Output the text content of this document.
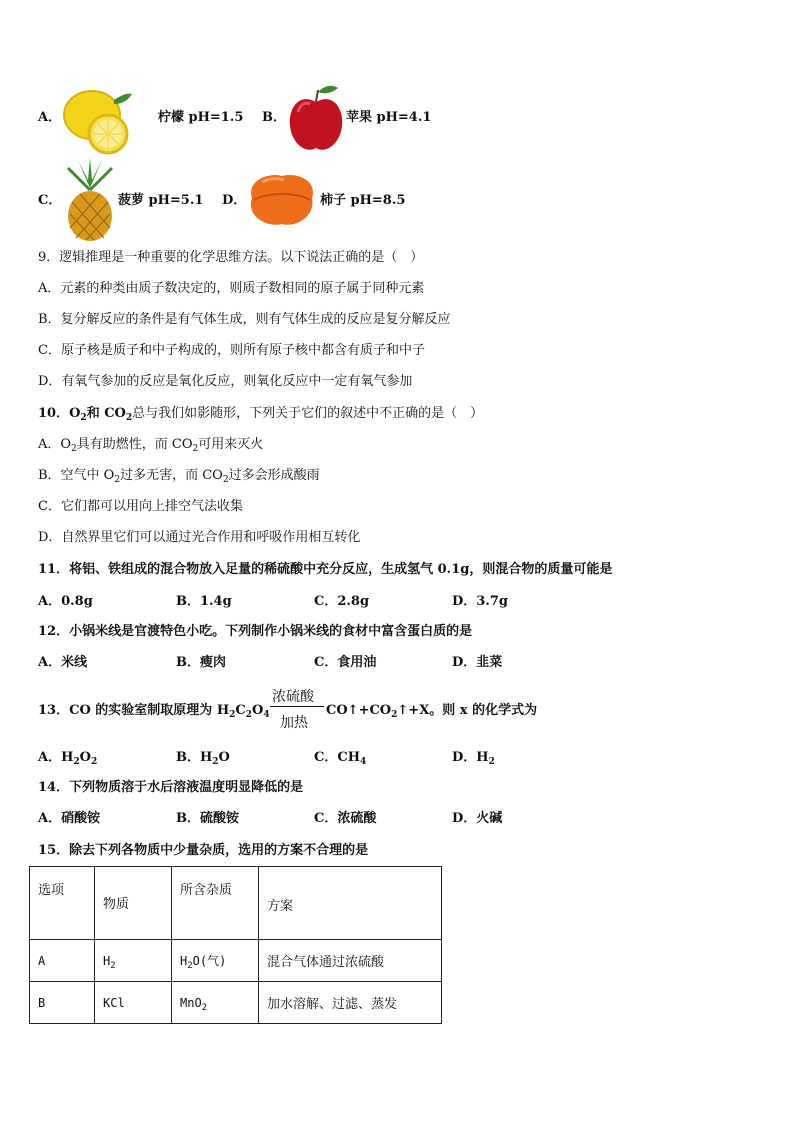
A．	柠檬 pH=1.5 B．	苹果 pH=4.1
C．	菠萝 pH=5.1 D．	柿子 pH=8.5
9．逻辑推理是一种重要的化学思维方法。以下说法正确的是（　）
A．元素的种类由质子数决定的，则质子数相同的原子属于同种元素
B．复分解反应的条件是有气体生成，则有气体生成的反应是复分解反应
C．原子核是质子和中子构成的，则所有原子核中都含有质子和中子
D．有氧气参加的反应是氧化反应，则氧化反应中一定有氧气参加
10．$O_2$和 $CO_2$总与我们如影随形，下列关于它们的叙述中不正确的是（　）
A．$O_2$具有助燃性，而 $CO_2$可用来灭火
B．空气中 $O_2$过多无害，而 $CO_2$过多会形成酸雨
C．它们都可以用向上排空气法收集
D．自然界里它们可以通过光合作用和呼吸作用相互转化
11．将铝、铁组成的混合物放入足量的稀硫酸中充分反应，生成氢气 0.1g，则混合物的质量可能是
A．0.8g	B．1.4g	C．2.8g	D．3.7g
12．小锅米线是官渡特色小吃。下列制作小锅米线的食材中富含蛋白质的是
A．米线	B．瘦肉	C．食用油	D．韭菜
13．CO 的实验室制取原理为 $H_2C_2O_4$
浓硫酸
加热
$CO↑+CO_2↑+X$。则 x 的化学式为
A．$H_2O_2$	B．$H_2O$	C．$CH_4$	D．$H_2$
14．下列物质溶于水后溶液温度明显降低的是
A．硝酸铵	B．硫酸铵	C．浓硫酸	D．火碱
15．除去下列各物质中少量杂质，选用的方案不合理的是
选项	物质	所含杂质	方案
A	$H_2$	$H_2O$(气)	混合气体通过浓硫酸
B	KCl	MnO$_2$	加水溶解、过滤、蒸发
